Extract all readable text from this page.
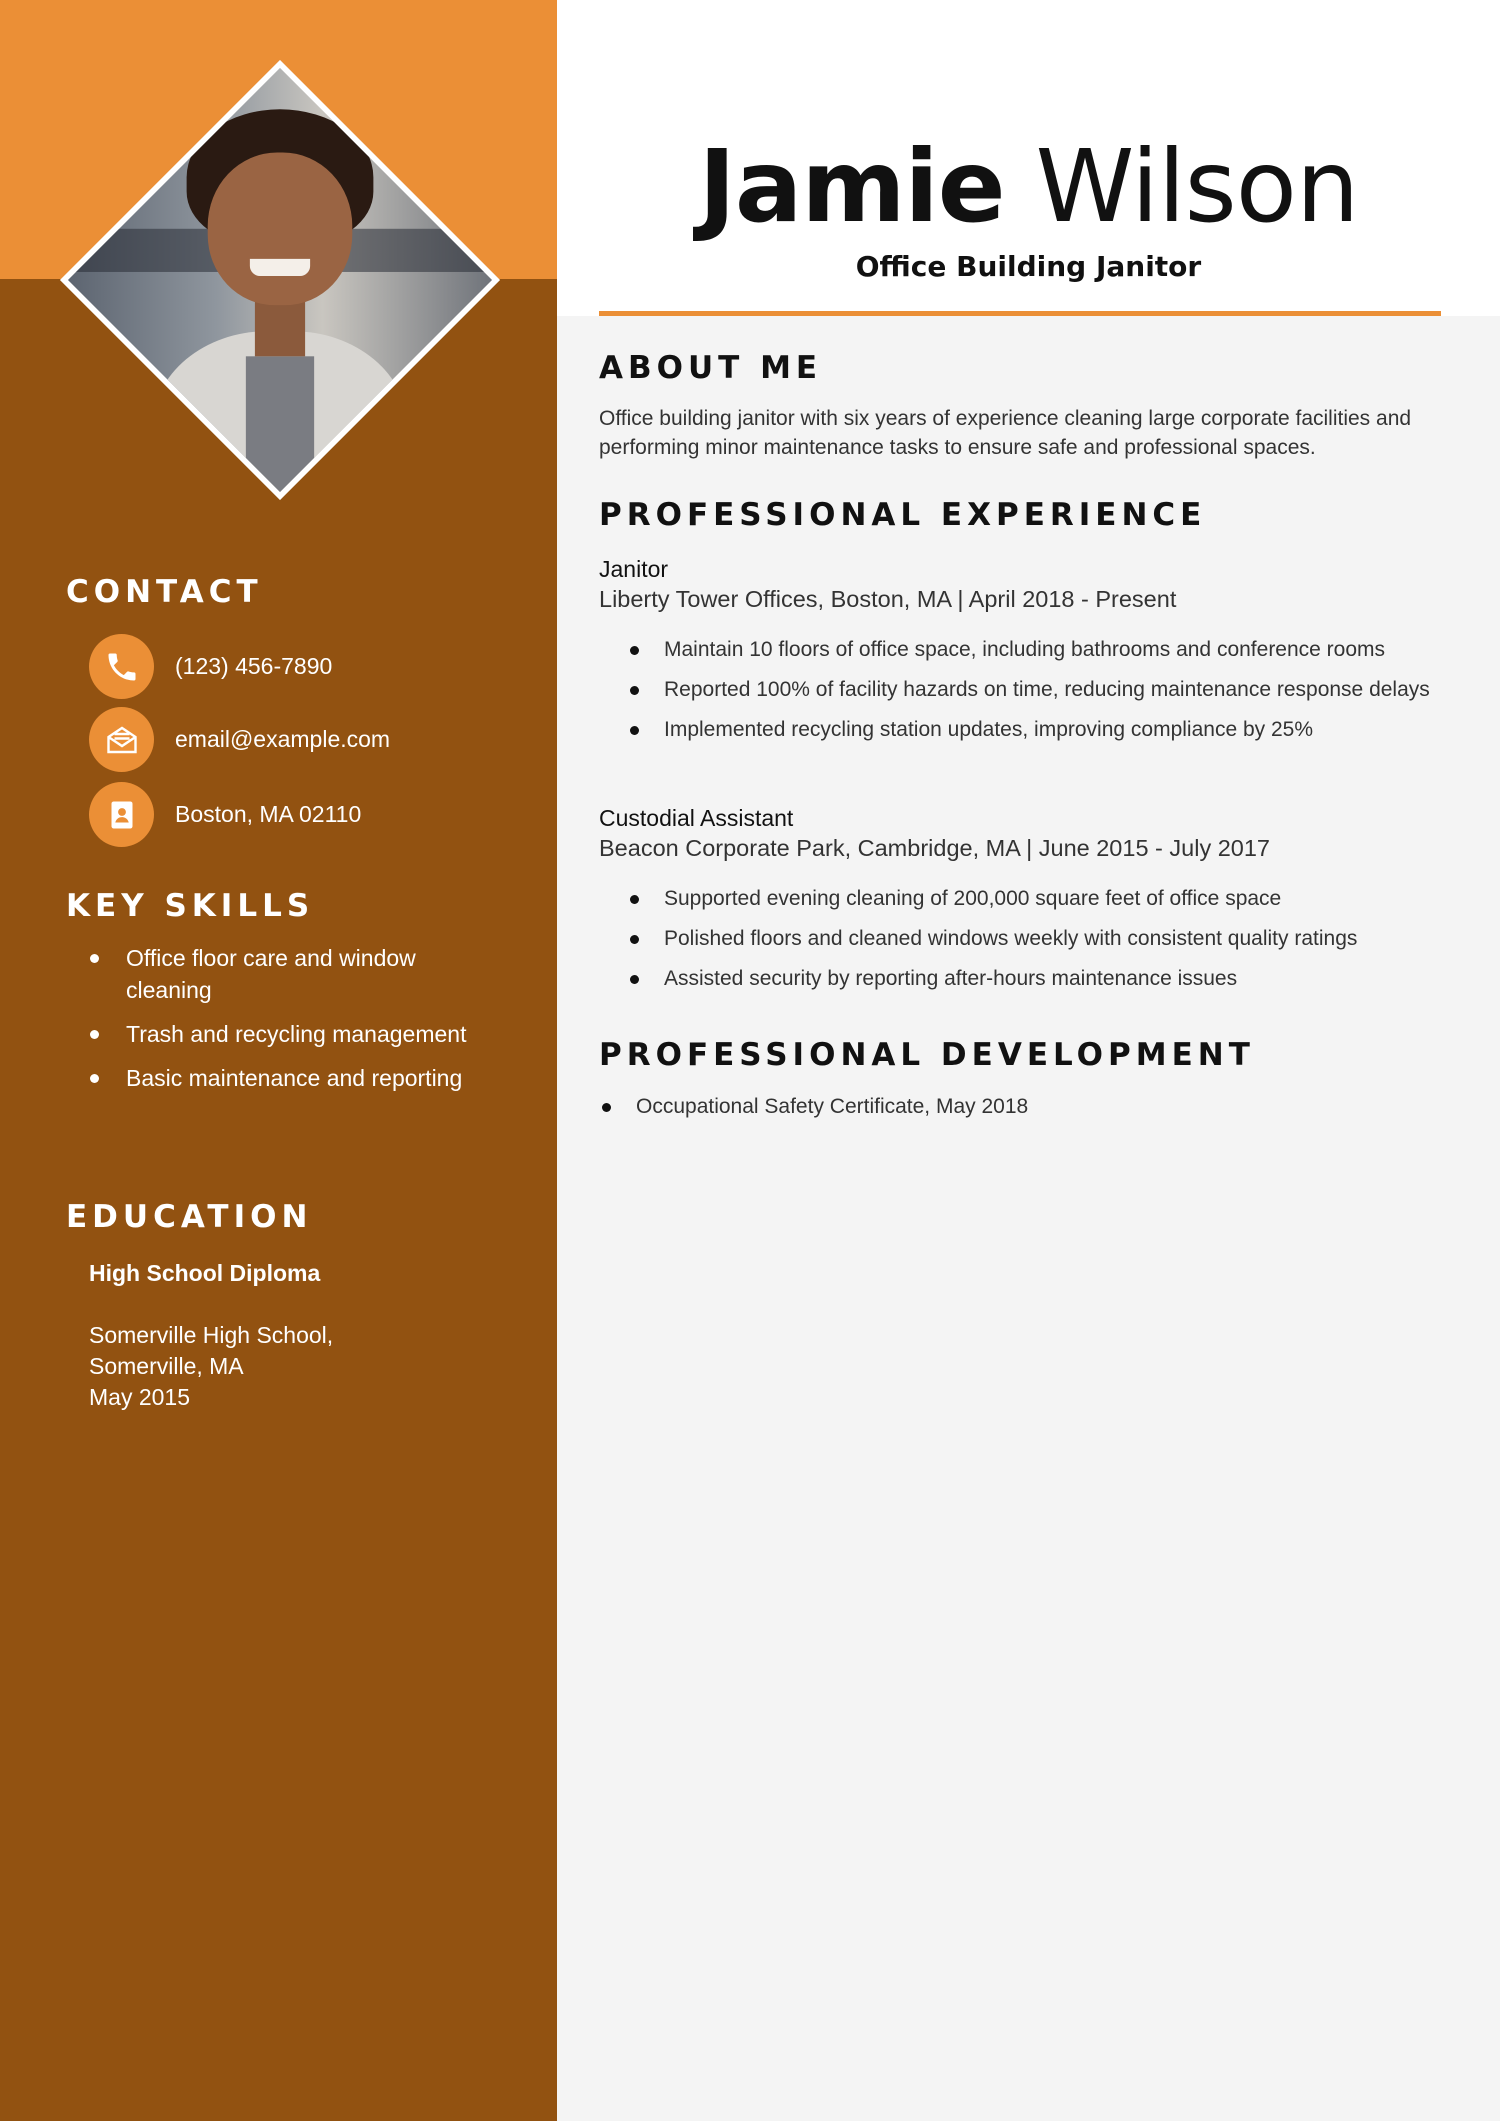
CONTACT
(123) 456-7890
email@example.com
Boston, MA 02110
KEY SKILLS
Office floor care and window cleaning
Trash and recycling management
Basic maintenance and reporting
EDUCATION
High School Diploma
Somerville High School,
Somerville, MA
May 2015
Jamie Wilson
Office Building Janitor
ABOUT ME
Office building janitor with six years of experience cleaning large corporate facilities and performing minor maintenance tasks to ensure safe and professional spaces.
PROFESSIONAL EXPERIENCE
Janitor
Liberty Tower Offices, Boston, MA | April 2018 - Present
Maintain 10 floors of office space, including bathrooms and conference rooms
Reported 100% of facility hazards on time, reducing maintenance response delays
Implemented recycling station updates, improving compliance by 25%
Custodial Assistant
Beacon Corporate Park, Cambridge, MA | June 2015 - July 2017
Supported evening cleaning of 200,000 square feet of office space
Polished floors and cleaned windows weekly with consistent quality ratings
Assisted security by reporting after-hours maintenance issues
PROFESSIONAL DEVELOPMENT
Occupational Safety Certificate, May 2018
